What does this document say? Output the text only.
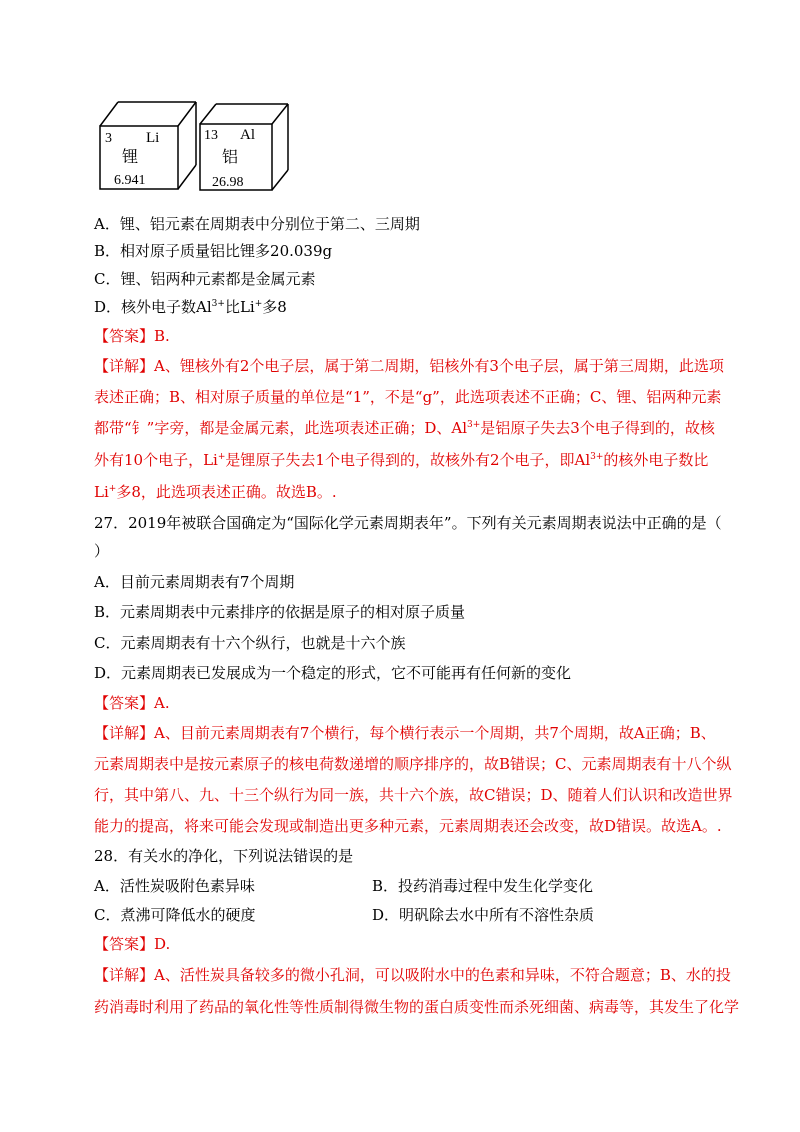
3 Li
锂
6.941
13 Al
铝
26.98
A．锂、铝元素在周期表中分别位于第二、三周期
B．相对原子质量铝比锂多20.039g
C．锂、铝两种元素都是金属元素
D．核外电子数$Al^{3+}$比Li+多8
【答案】B.
【详解】A、锂核外有2个电子层，属于第二周期，铝核外有3个电子层，属于第三周期，此选项
表述正确；B、相对原子质量的单位是“1”，不是“g”，此选项表述不正确；C、锂、铝两种元素
都带“钅”字旁，都是金属元素，此选项表述正确；D、$Al^{3+}$是铝原子失去3个电子得到的，故核
外有10个电子，Li+是锂原子失去1个电子得到的，故核外有2个电子，即$Al^{3+}$的核外电子数比
Li+多8，此选项表述正确。故选B。.
27．2019年被联合国确定为“国际化学元素周期表年”。下列有关元素周期表说法中正确的是（
）
A．目前元素周期表有7个周期
B．元素周期表中元素排序的依据是原子的相对原子质量
C．元素周期表有十六个纵行，也就是十六个族
D．元素周期表已发展成为一个稳定的形式，它不可能再有任何新的变化
【答案】A.
【详解】A、目前元素周期表有7个横行，每个横行表示一个周期，共7个周期，故A正确；B、
元素周期表中是按元素原子的核电荷数递增的顺序排序的，故B错误；C、元素周期表有十八个纵
行，其中第八、九、十三个纵行为同一族，共十六个族，故C错误；D、随着人们认识和改造世界
能力的提高，将来可能会发现或制造出更多种元素，元素周期表还会改变，故D错误。故选A。.
28．有关水的净化，下列说法错误的是
A．活性炭吸附色素异味	B．投药消毒过程中发生化学变化
C．煮沸可降低水的硬度	D．明矾除去水中所有不溶性杂质
【答案】D.
【详解】A、活性炭具备较多的微小孔洞，可以吸附水中的色素和异味，不符合题意；B、水的投
药消毒时利用了药品的氧化性等性质制得微生物的蛋白质变性而杀死细菌、病毒等，其发生了化学
